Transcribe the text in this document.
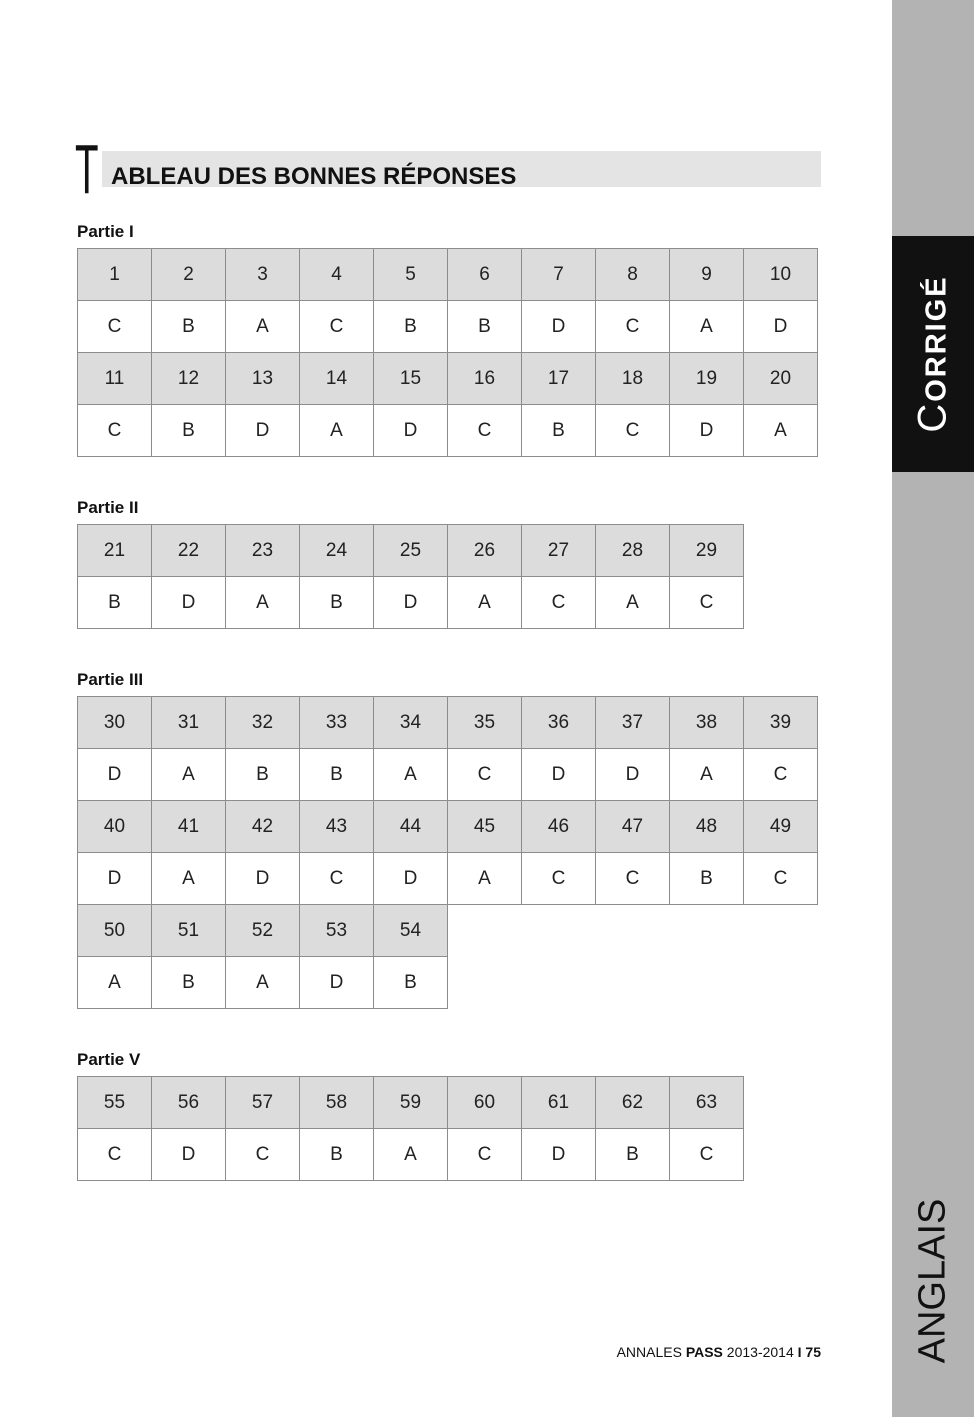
CORRIGÉ
ANGLAIS
T ABLEAU DES BONNES RÉPONSES
Partie I
1	2	3	4	5	6	7	8	9	10
C	B	A	C	B	B	D	C	A	D
11	12	13	14	15	16	17	18	19	20
C	B	D	A	D	C	B	C	D	A
Partie II
21	22	23	24	25	26	27	28	29
B	D	A	B	D	A	C	A	C
Partie III
30	31	32	33	34	35	36	37	38	39
D	A	B	B	A	C	D	D	A	C
40	41	42	43	44	45	46	47	48	49
D	A	D	C	D	A	C	C	B	C
50	51	52	53	54
A	B	A	D	B
Partie V
55	56	57	58	59	60	61	62	63
C	D	C	B	A	C	D	B	C
ANNALES PASS 2013-2014 I 75
